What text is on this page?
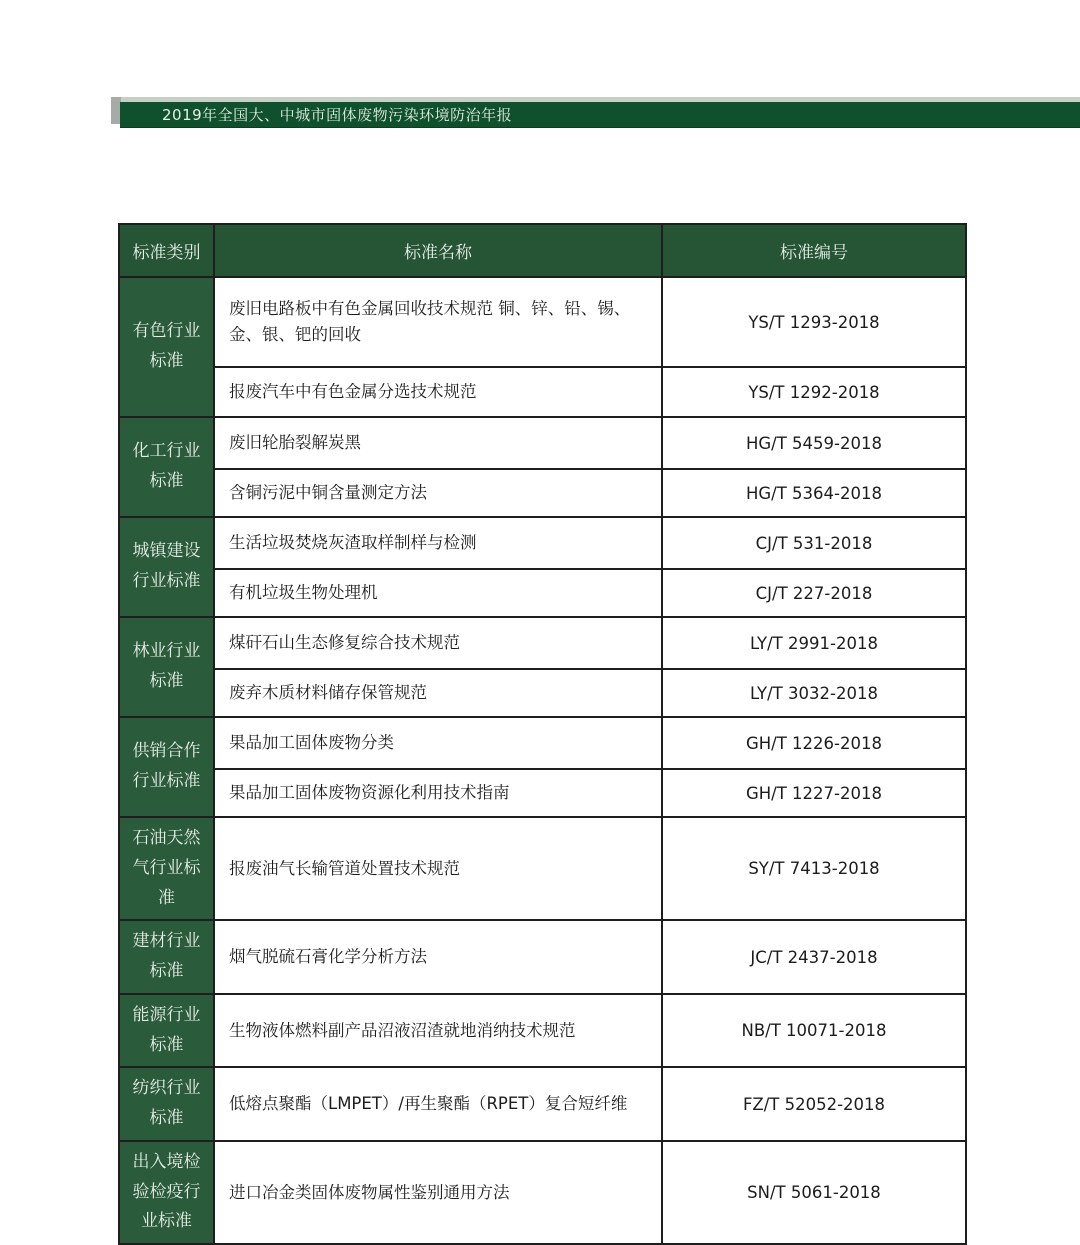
2019年全国大、中城市固体废物污染环境防治年报
标准类别	标准名称	标准编号
有色行业标准	废旧电路板中有色金属回收技术规范 铜、锌、铅、锡、金、银、钯的回收	YS/T 1293-2018
	报废汽车中有色金属分选技术规范	YS/T 1292-2018
化工行业标准	废旧轮胎裂解炭黑	HG/T 5459-2018
	含铜污泥中铜含量测定方法	HG/T 5364-2018
城镇建设行业标准	生活垃圾焚烧灰渣取样制样与检测	CJ/T 531-2018
	有机垃圾生物处理机	CJ/T 227-2018
林业行业标准	煤矸石山生态修复综合技术规范	LY/T 2991-2018
	废弃木质材料储存保管规范	LY/T 3032-2018
供销合作行业标准	果品加工固体废物分类	GH/T 1226-2018
	果品加工固体废物资源化利用技术指南	GH/T 1227-2018
石油天然气行业标准	报废油气长输管道处置技术规范	SY/T 7413-2018
建材行业标准	烟气脱硫石膏化学分析方法	JC/T 2437-2018
能源行业标准	生物液体燃料副产品沼液沼渣就地消纳技术规范	NB/T 10071-2018
纺织行业标准	低熔点聚酯（LMPET）/再生聚酯（RPET）复合短纤维	FZ/T 52052-2018
出入境检验检疫行业标准	进口冶金类固体废物属性鉴别通用方法	SN/T 5061-2018
